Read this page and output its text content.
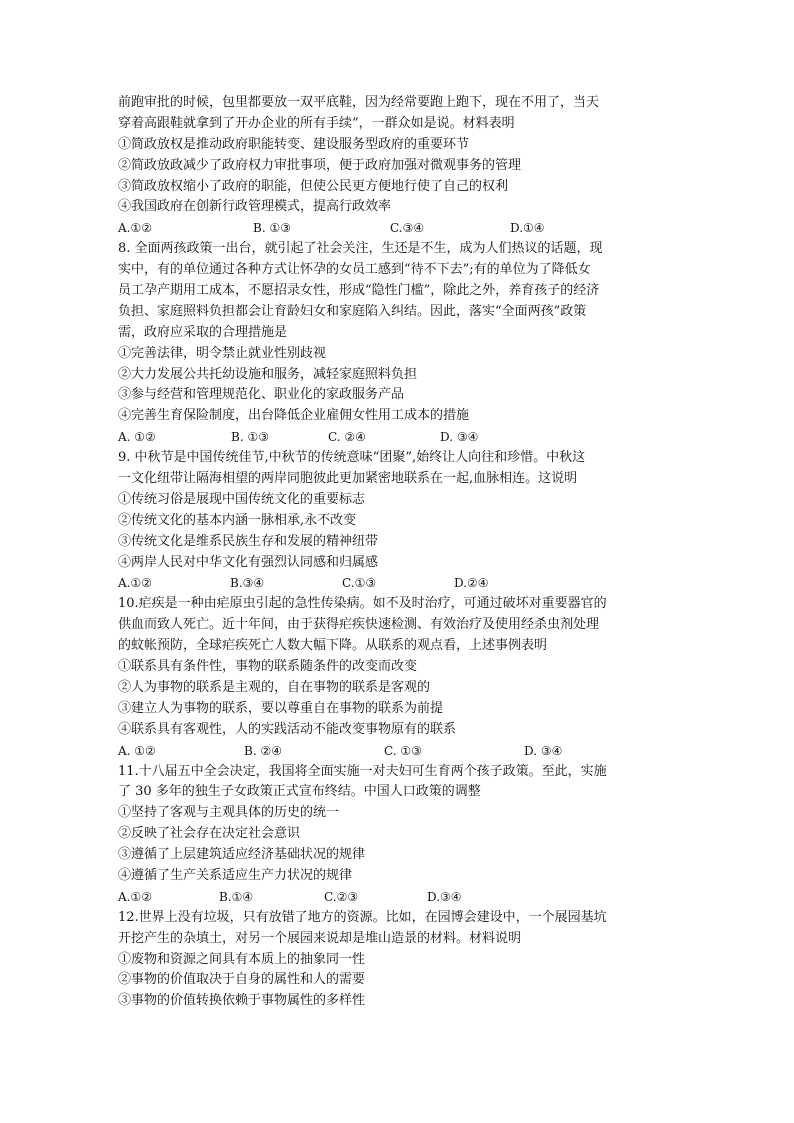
前跑审批的时候，包里都要放一双平底鞋，因为经常要跑上跑下，现在不用了，当天
穿着高跟鞋就拿到了开办企业的所有手续”，一群众如是说。材料表明
①简政放权是推动政府职能转变、建设服务型政府的重要环节
②简政放政减少了政府权力审批事项，便于政府加强对微观事务的管理
③简政放权缩小了政府的职能，但使公民更方便地行使了自己的权利
④我国政府在创新行政管理模式，提高行政效率
A.①②	B. ①③	C.③④	D.①④
8. 全面两孩政策一出台，就引起了社会关注，生还是不生，成为人们热议的话题，现
实中，有的单位通过各种方式让怀孕的女员工感到“待不下去”;有的单位为了降低女
员工孕产期用工成本，不愿招录女性，形成“隐性门槛”，除此之外，养育孩子的经济
负担、家庭照料负担都会让育龄妇女和家庭陷入纠结。因此，落实“全面两孩”政策
需，政府应采取的合理措施是
①完善法律，明令禁止就业性别歧视
②大力发展公共托幼设施和服务，减轻家庭照料负担
③参与经营和管理规范化、职业化的家政服务产品
④完善生育保险制度，出台降低企业雇佣女性用工成本的措施
A. ①②	B. ①③	C. ②④	D. ③④
9. 中秋节是中国传统佳节,中秋节的传统意味“团聚”,始终让人向往和珍惜。中秋这
一文化纽带让隔海相望的两岸同胞彼此更加紧密地联系在一起,血脉相连。这说明
①传统习俗是展现中国传统文化的重要标志
②传统文化的基本内涵一脉相承,永不改变
③传统文化是维系民族生存和发展的精神纽带
④两岸人民对中华文化有强烈认同感和归属感
A.①②	B.③④	C.①③	D.②④
10.疟疾是一种由疟原虫引起的急性传染病。如不及时治疗，可通过破坏对重要器官的
供血而致人死亡。近十年间，由于获得疟疾快速检测、有效治疗及使用经杀虫剂处理
的蚊帐预防，全球疟疾死亡人数大幅下降。从联系的观点看，上述事例表明
①联系具有条件性，事物的联系随条件的改变而改变
②人为事物的联系是主观的，自在事物的联系是客观的
③建立人为事物的联系，要以尊重自在事物的联系为前提
④联系具有客观性，人的实践活动不能改变事物原有的联系
A. ①②	B. ②④	C. ①③	D. ③④
11.十八届五中全会决定，我国将全面实施一对夫妇可生育两个孩子政策。至此，实施
了 30 多年的独生子女政策正式宣布终结。中国人口政策的调整
①坚持了客观与主观具体的历史的统一
②反映了社会存在决定社会意识
③遵循了上层建筑适应经济基础状况的规律
④遵循了生产关系适应生产力状况的规律
A.①②	B.①④	C.②③	D.③④
12.世界上没有垃圾，只有放错了地方的资源。比如，在园博会建设中，一个展园基坑
开挖产生的杂填土，对另一个展园来说却是堆山造景的材料。材料说明
①废物和资源之间具有本质上的抽象同一性
②事物的价值取决于自身的属性和人的需要
③事物的价值转换依赖于事物属性的多样性
